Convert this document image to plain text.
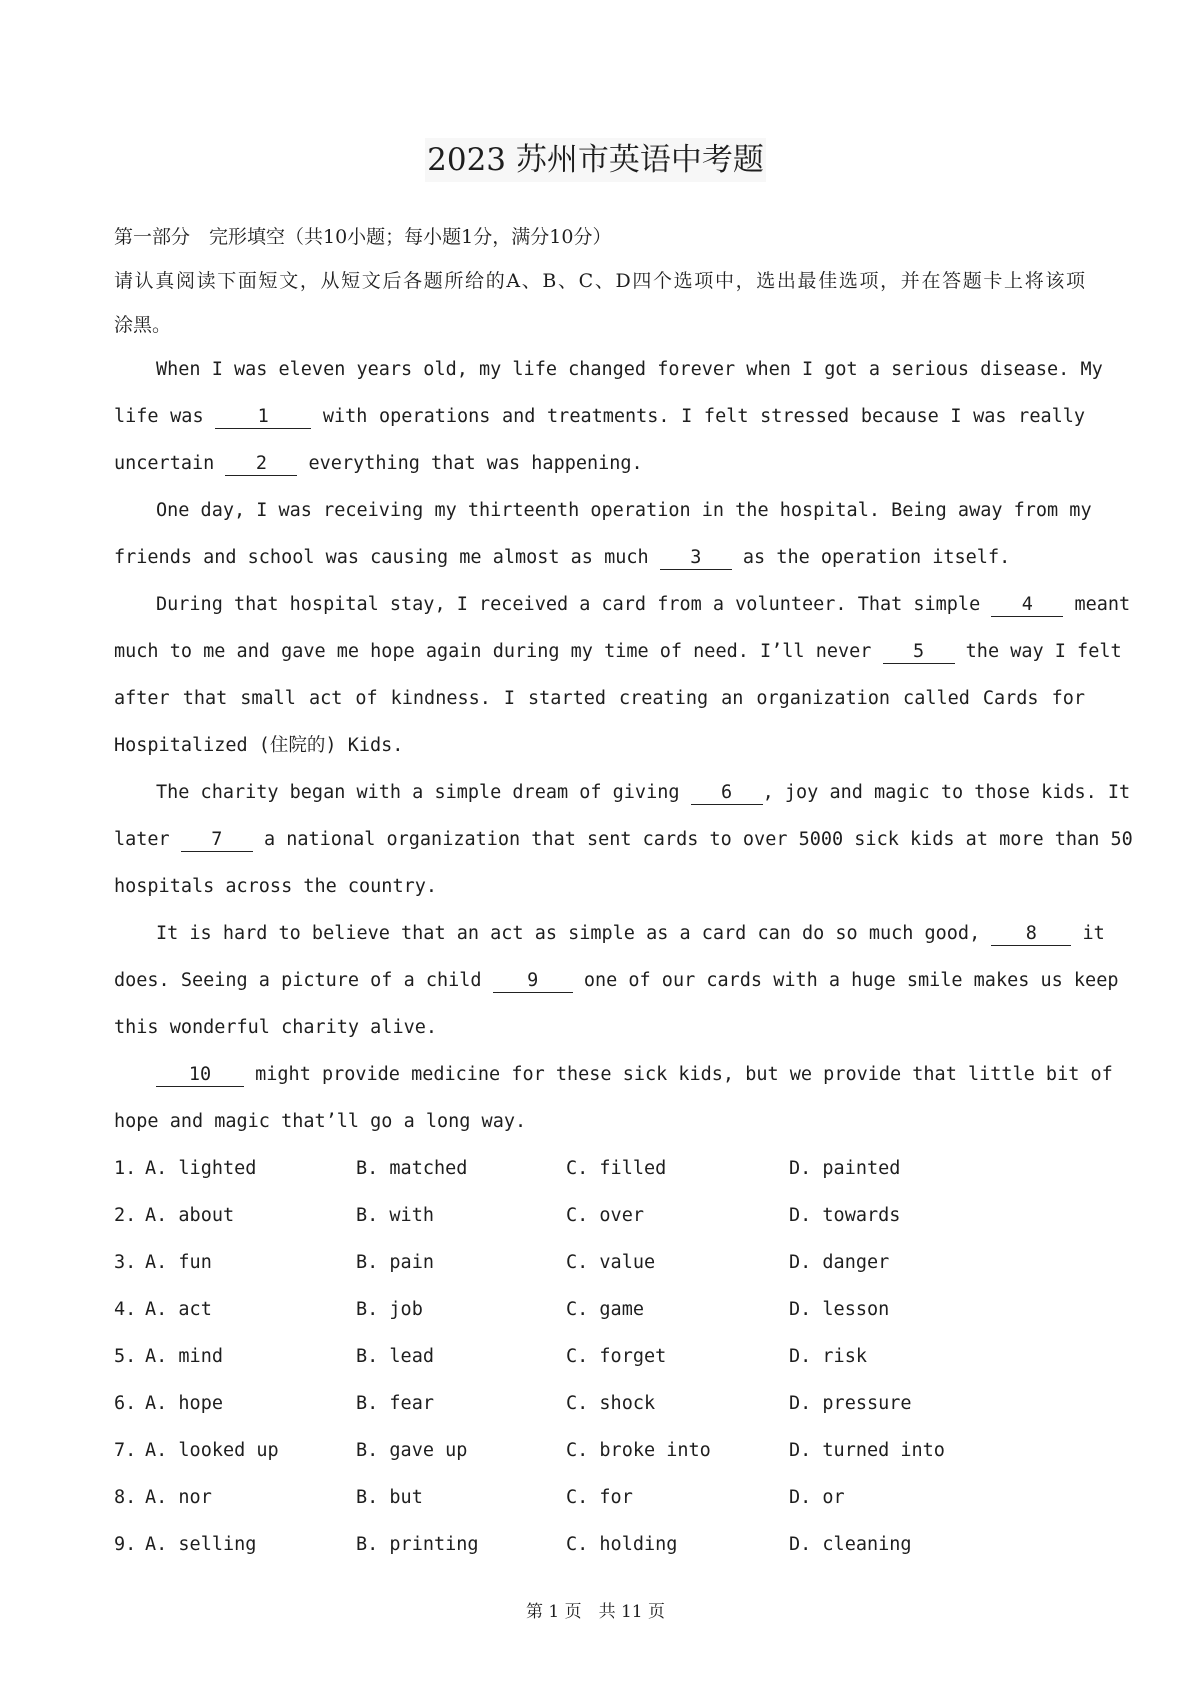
2023 苏州市英语中考题
第一部分　完形填空（共10小题；每小题1分，满分10分）
请认真阅读下面短文，从短文后各题所给的A、B、C、D四个选项中，选出最佳选项，并在答题卡上将该项
涂黑。
When I was eleven years old, my life changed forever when I got a serious disease. My
life was	1	with operations and treatments. I felt stressed because I was really
uncertain 2 everything that was happening.
One day, I was receiving my thirteenth operation in the hospital. Being away from my
friends and school was causing me almost as much 3 as the operation itself.
During that hospital stay, I received a card from a volunteer. That simple 4 meant
much to me and gave me hope again during my time of need. I’ll never 5 the way I felt
after that small act of kindness. I started creating an organization called Cards for
Hospitalized (住院的) Kids.
The charity began with a simple dream of giving 6 , joy and magic to those kids. It
later 7 a national organization that sent cards to over 5000 sick kids at more than 50
hospitals across the country.
It is hard to believe that an act as simple as a card can do so much good, 8 it
does. Seeing a picture of a child 9 one of our cards with a huge smile makes us keep
this wonderful charity alive.
10 might provide medicine for these sick kids, but we provide that little bit of
hope and magic that’ll go a long way.
1. A. lighted	B. matched	C. filled	D. painted
2. A. about	B. with	C. over	D. towards
3. A. fun	B. pain	C. value	D. danger
4. A. act	B. job	C. game	D. lesson
5. A. mind	B. lead	C. forget	D. risk
6. A. hope	B. fear	C. shock	D. pressure
7. A. looked up	B. gave up	C. broke into	D. turned into
8. A. nor	B. but	C. for	D. or
9. A. selling	B. printing	C. holding	D. cleaning
第 1 页　共 11 页
